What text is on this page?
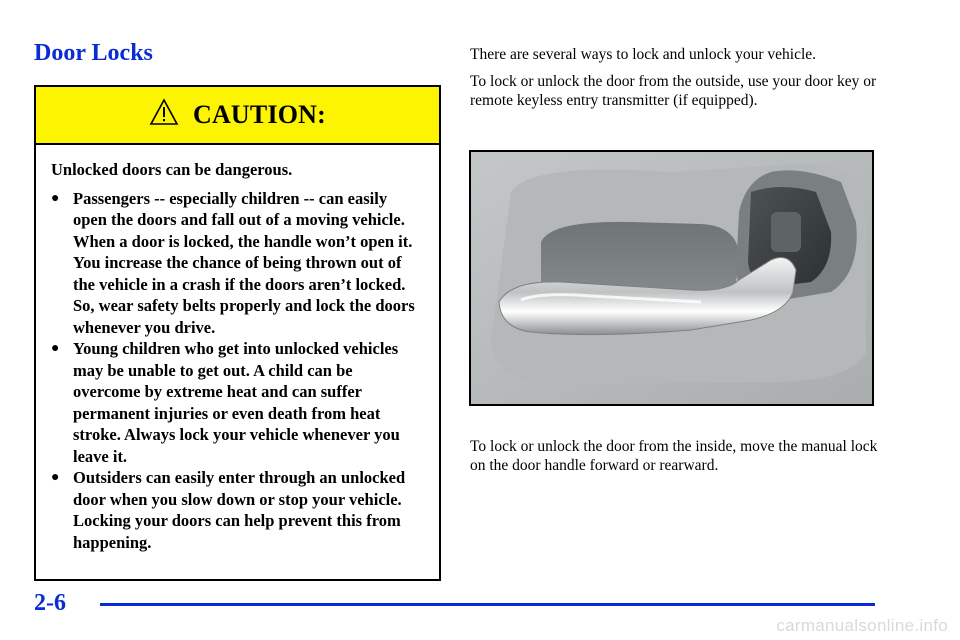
Door Locks
CAUTION:
Unlocked doors can be dangerous.
● Passengers -- especially children -- can easily open the doors and fall out of a moving vehicle. When a door is locked, the handle won’t open it. You increase the chance of being thrown out of the vehicle in a crash if the doors aren’t locked. So, wear safety belts properly and lock the doors whenever you drive.
● Young children who get into unlocked vehicles may be unable to get out. A child can be overcome by extreme heat and can suffer permanent injuries or even death from heat stroke. Always lock your vehicle whenever you leave it.
● Outsiders can easily enter through an unlocked door when you slow down or stop your vehicle. Locking your doors can help prevent this from happening.
There are several ways to lock and unlock your vehicle.
To lock or unlock the door from the outside, use your door key or remote keyless entry transmitter (if equipped).
To lock or unlock the door from the inside, move the manual lock on the door handle forward or rearward.
2-6
carmanualsonline.info
